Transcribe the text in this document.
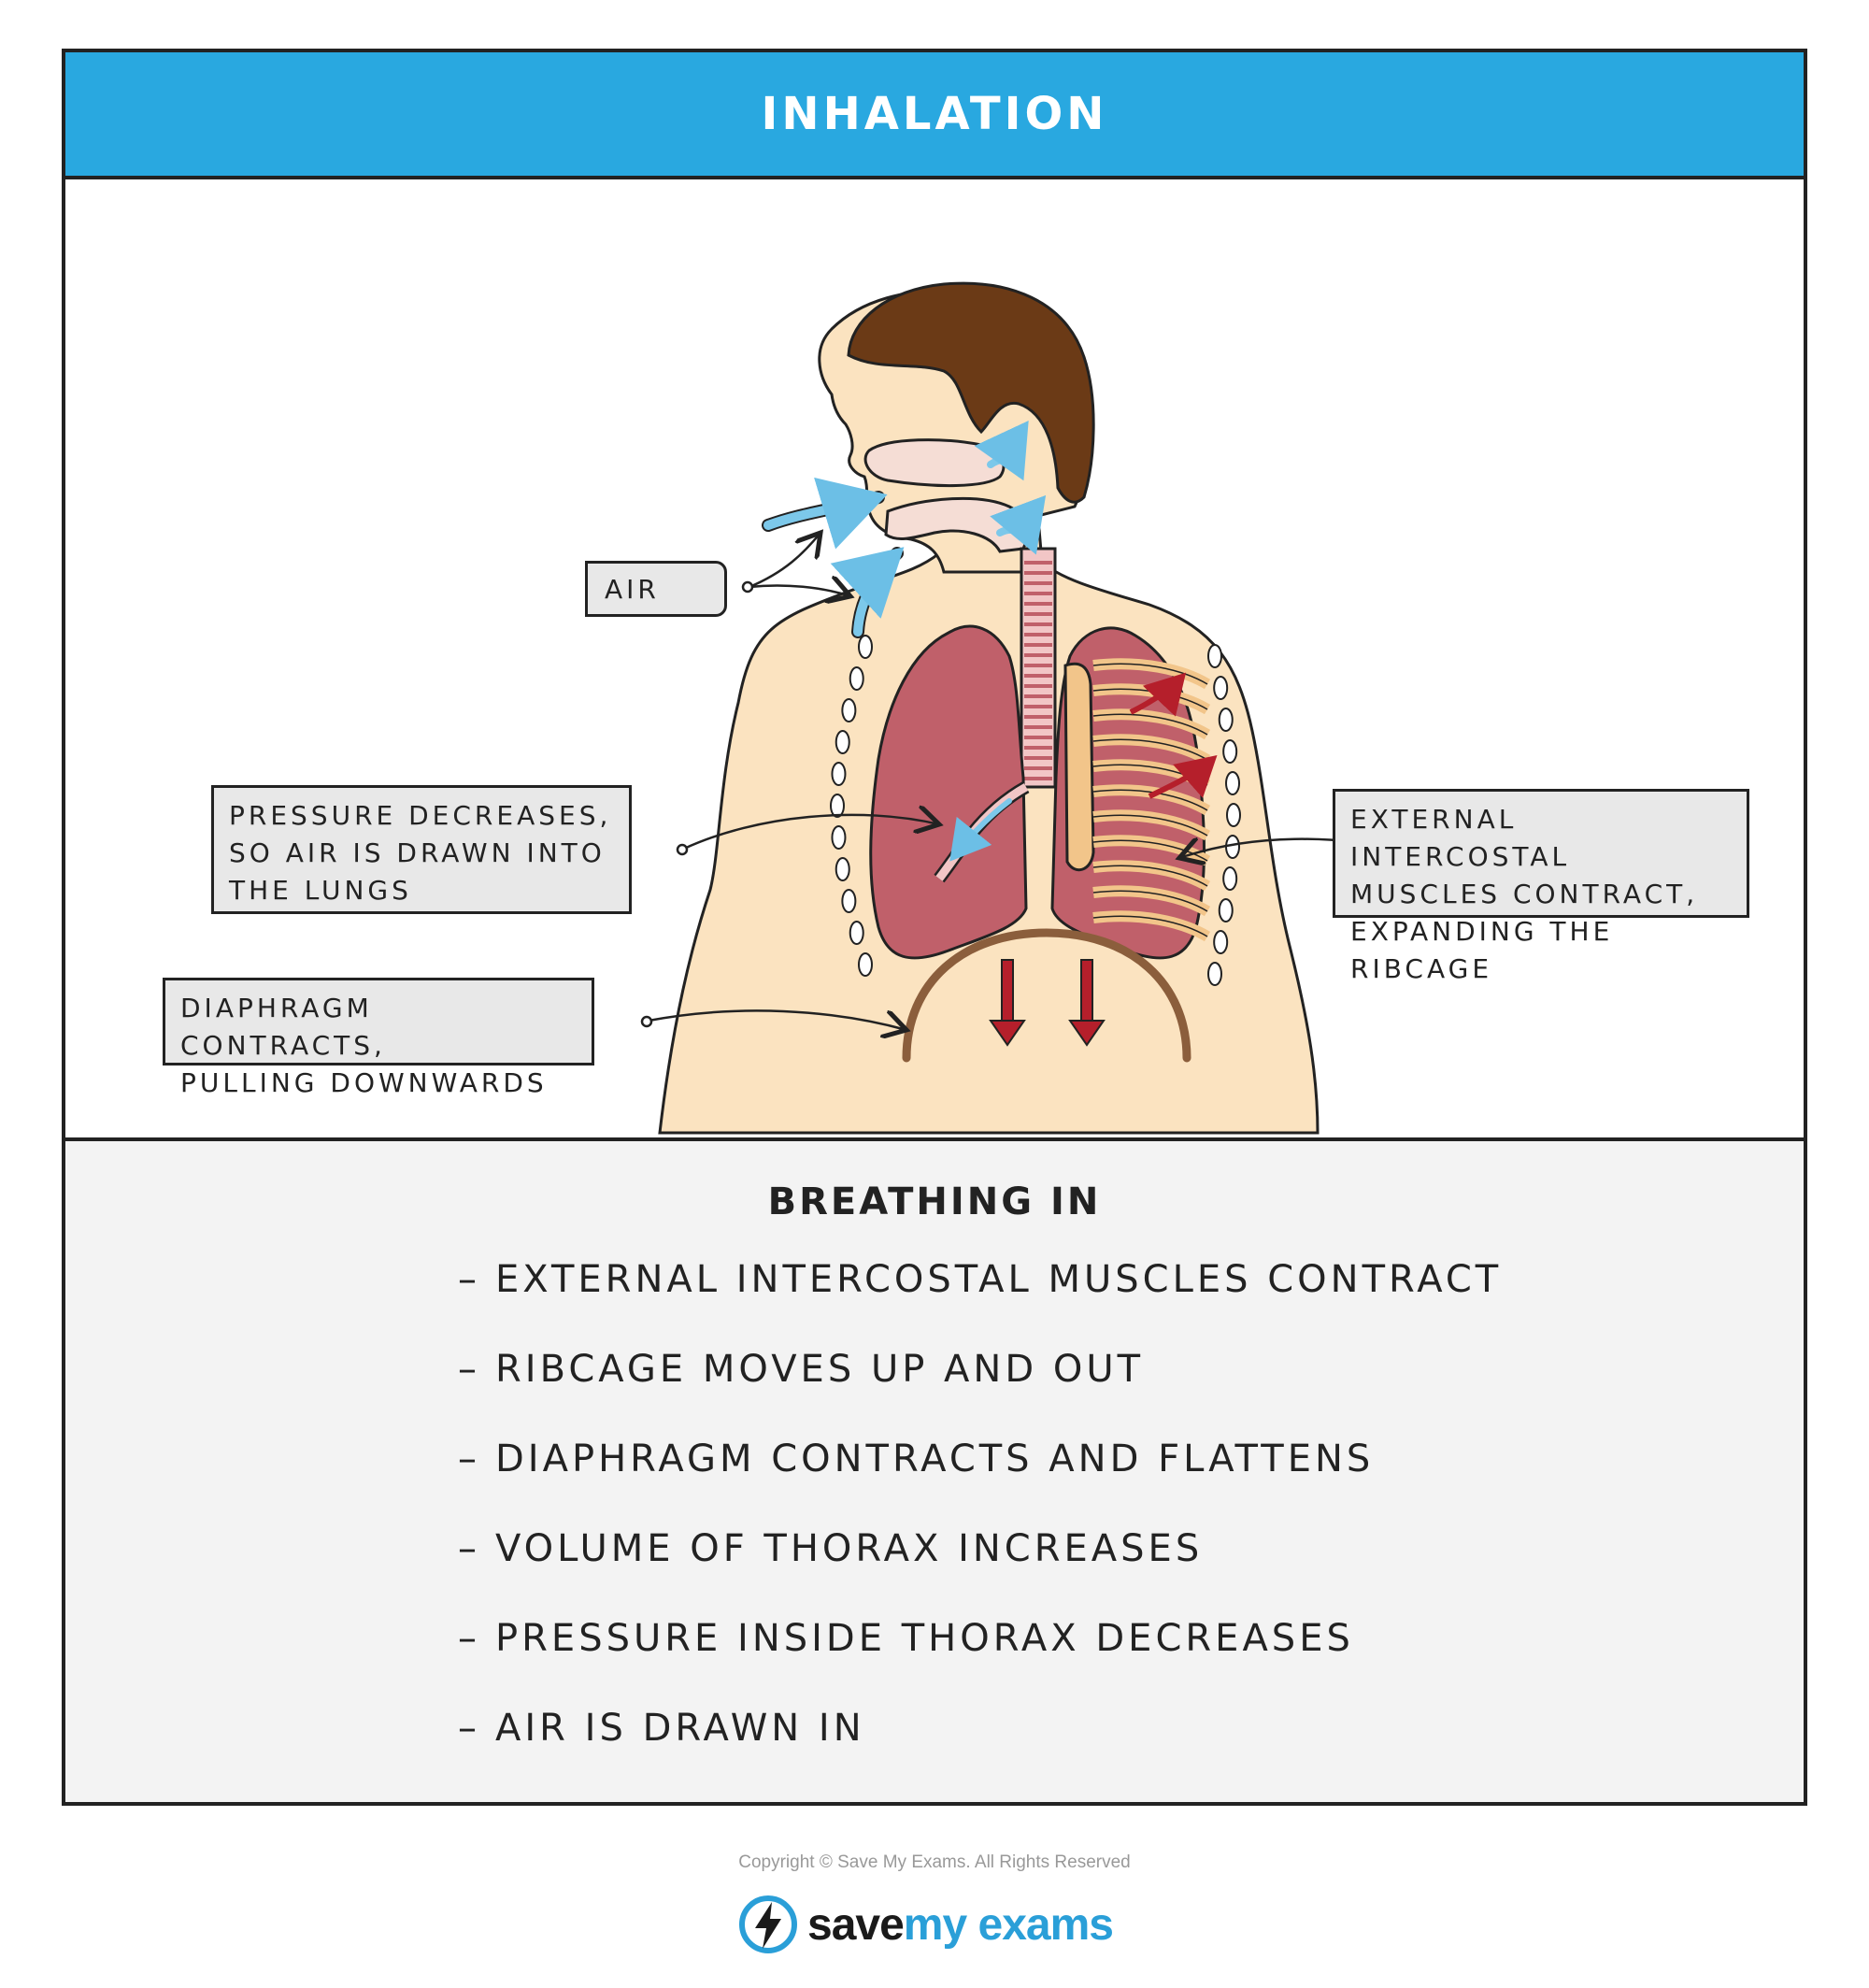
INHALATION
AIR
PRESSURE DECREASES,
SO AIR IS DRAWN INTO
THE LUNGS
EXTERNAL INTERCOSTAL
MUSCLES CONTRACT,
EXPANDING THE RIBCAGE
DIAPHRAGM CONTRACTS,
PULLING DOWNWARDS
BREATHING IN
– EXTERNAL INTERCOSTAL MUSCLES CONTRACT
– RIBCAGE MOVES UP AND OUT
– DIAPHRAGM CONTRACTS AND FLATTENS
– VOLUME OF THORAX INCREASES
– PRESSURE INSIDE THORAX DECREASES
– AIR IS DRAWN IN
Copyright © Save My Exams. All Rights Reserved
savemy exams
